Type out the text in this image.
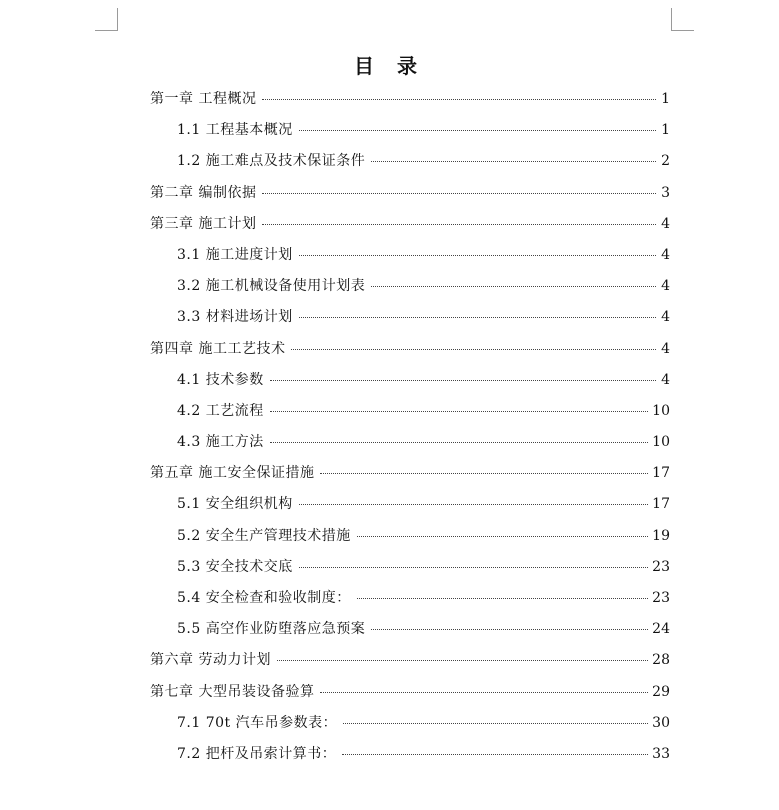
目 录
第一章 工程概况	1
1.1 工程基本概况	1
1.2 施工难点及技术保证条件	2
第二章 编制依据	3
第三章 施工计划	4
3.1 施工进度计划	4
3.2 施工机械设备使用计划表	4
3.3 材料进场计划	4
第四章 施工工艺技术	4
4.1 技术参数	4
4.2 工艺流程	10
4.3 施工方法	10
第五章 施工安全保证措施	17
5.1 安全组织机构	17
5.2 安全生产管理技术措施	19
5.3 安全技术交底	23
5.4 安全检查和验收制度：	23
5.5 高空作业防堕落应急预案	24
第六章 劳动力计划	28
第七章 大型吊装设备验算	29
7.1 70t 汽车吊参数表：	30
7.2 把杆及吊索计算书：	33
